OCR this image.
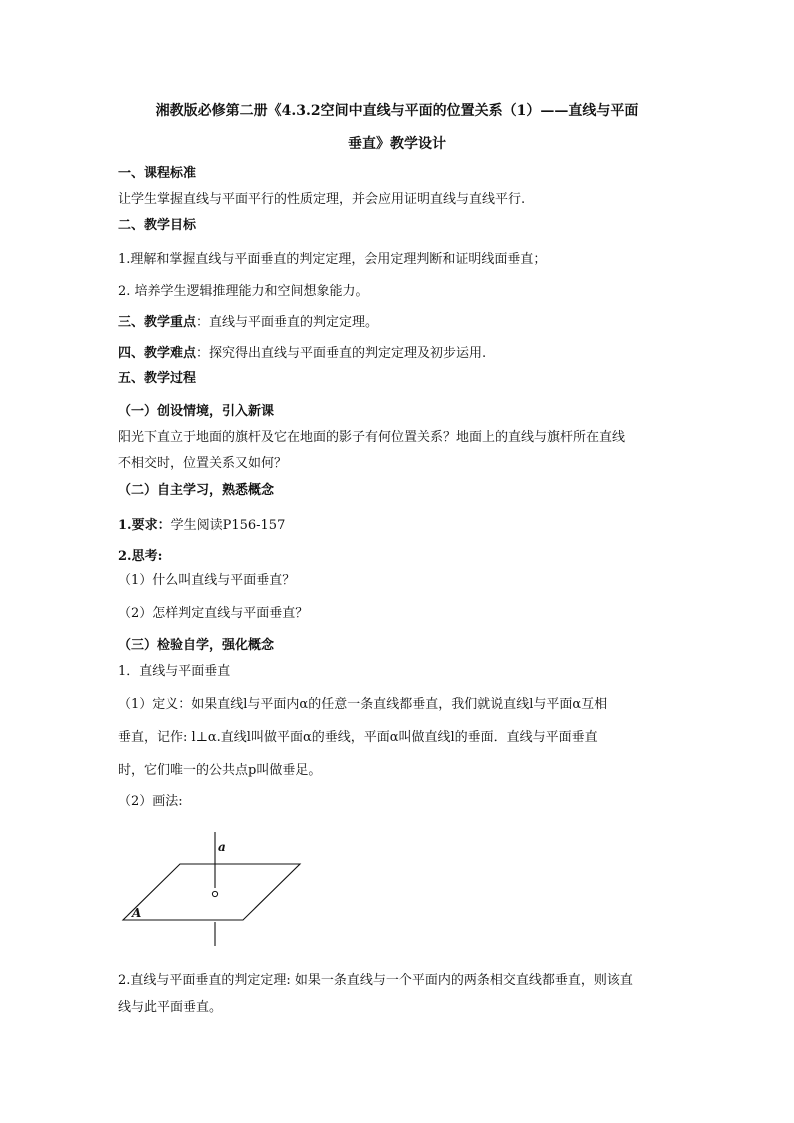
湘教版必修第二册《4.3.2空间中直线与平面的位置关系（1）——直线与平面
垂直》教学设计
一、课程标准
让学生掌握直线与平面平行的性质定理，并会应用证明直线与直线平行.
二、教学目标
1.理解和掌握直线与平面垂直的判定定理，会用定理判断和证明线面垂直；
2. 培养学生逻辑推理能力和空间想象能力。
三、教学重点：直线与平面垂直的判定定理。
四、教学难点：探究得出直线与平面垂直的判定定理及初步运用.
五、教学过程
（一）创设情境，引入新课
阳光下直立于地面的旗杆及它在地面的影子有何位置关系？地面上的直线与旗杆所在直线
不相交时，位置关系又如何？
（二）自主学习，熟悉概念
1.要求：学生阅读P156-157
2.思考:
（1）什么叫直线与平面垂直？
（2）怎样判定直线与平面垂直？
（三）检验自学，强化概念
1．直线与平面垂直
（1）定义：如果直线l与平面内α的任意一条直线都垂直，我们就说直线l与平面α互相
垂直，记作: l⊥α.直线l叫做平面α的垂线，平面α叫做直线l的垂面．直线与平面垂直
时，它们唯一的公共点p叫做垂足。
（2）画法:
a
A
2.直线与平面垂直的判定定理: 如果一条直线与一个平面内的两条相交直线都垂直，则该直
线与此平面垂直。
